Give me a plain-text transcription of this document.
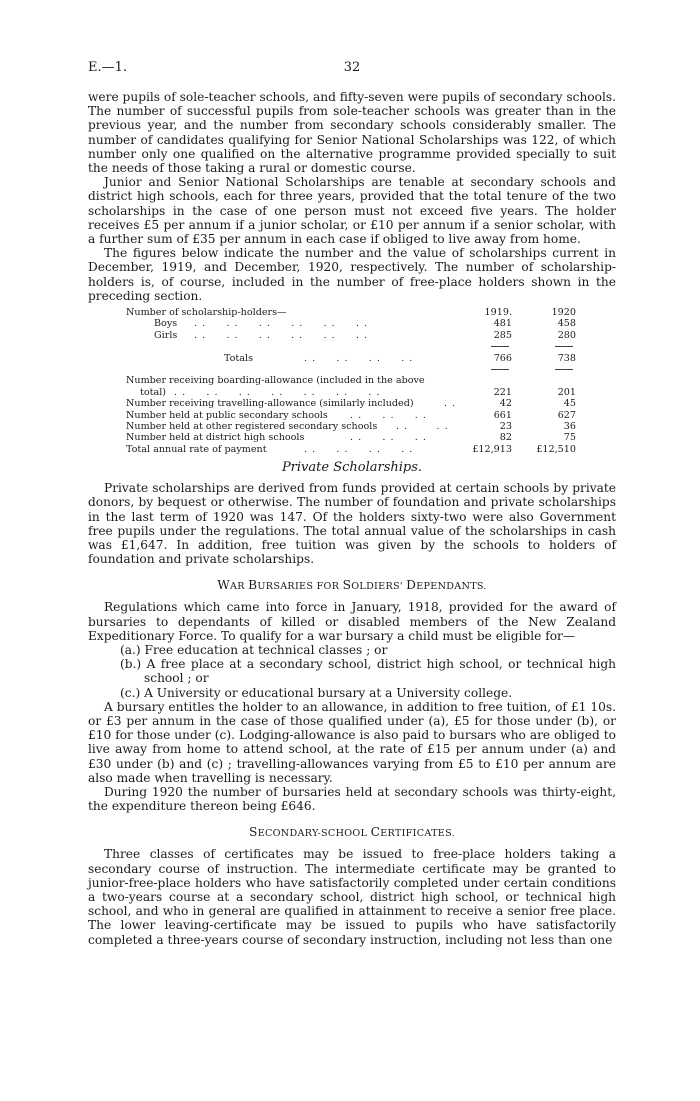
E.—1.	32

were pupils of sole-teacher schools, and fifty-seven were pupils of secondary schools. The number of successful pupils from sole-teacher schools was greater than in the previous year, and the number from secondary schools considerably smaller. The number of candidates qualifying for Senior National Scholarships was 122, of which number only one qualified on the alternative programme provided specially to suit the needs of those taking a rural or domestic course.

Junior and Senior National Scholarships are tenable at secondary schools and district high schools, each for three years, provided that the total tenure of the two scholarships in the case of one person must not exceed five years. The holder receives £5 per annum if a junior scholar, or £10 per annum if a senior scholar, with a further sum of £35 per annum in each case if obliged to live away from home.

The figures below indicate the number and the value of scholarships current in December, 1919, and December, 1920, respectively. The number of scholarship-holders is, of course, included in the number of free-place holders shown in the preceding section.

Number of scholarship-holders—	1919.	1920
Boys . .     . .     . .     . .     . .     . .	481	458
Girls . .     . .     . .     . .     . .     . .	285	280
Totals	. .     . .     . .     . .	766	738
Number receiving boarding-allowance (included in the above
total) . .     . .     . .     . .     . .     . .     . .	221	201
Number receiving travelling-allowance (similarly included)	. .	42	45
Number held at public secondary schools . .     . .     . .	661	627
Number held at other registered secondary schools . .       . .	23	36
Number held at district high schools	. .     . .     . .	82	75
Total annual rate of payment	. .     . .     . .     . .	£12,913	£12,510
Private Scholarships.

Private scholarships are derived from funds provided at certain schools by private donors, by bequest or otherwise. The number of foundation and private scholarships in the last term of 1920 was 147. Of the holders sixty-two were also Government free pupils under the regulations. The total annual value of the scholarships in cash was £1,647. In addition, free tuition was given by the schools to holders of foundation and private scholarships.

WAR BURSARIES FOR SOLDIERS' DEPENDANTS.

Regulations which came into force in January, 1918, provided for the award of bursaries to dependants of killed or disabled members of the New Zealand Expeditionary Force. To qualify for a war bursary a child must be eligible for—

(a.) Free education at technical classes ; or
(b.) A free place at a secondary school, district high school, or technical high school ; or
(c.) A University or educational bursary at a University college.

A bursary entitles the holder to an allowance, in addition to free tuition, of £1 10s. or £3 per annum in the case of those qualified under (a), £5 for those under (b), or £10 for those under (c). Lodging-allowance is also paid to bursars who are obliged to live away from home to attend school, at the rate of £15 per annum under (a) and £30 under (b) and (c) ; travelling-allowances varying from £5 to £10 per annum are also made when travelling is necessary.

During 1920 the number of bursaries held at secondary schools was thirty-eight, the expenditure thereon being £646.

SECONDARY-SCHOOL CERTIFICATES.

Three classes of certificates may be issued to free-place holders taking a secondary course of instruction. The intermediate certificate may be granted to junior-free-place holders who have satisfactorily completed under certain conditions a two-years course at a secondary school, district high school, or technical high school, and who in general are qualified in attainment to receive a senior free place. The lower leaving-certificate may be issued to pupils who have satisfactorily completed a three-years course of secondary instruction, including not less than one
